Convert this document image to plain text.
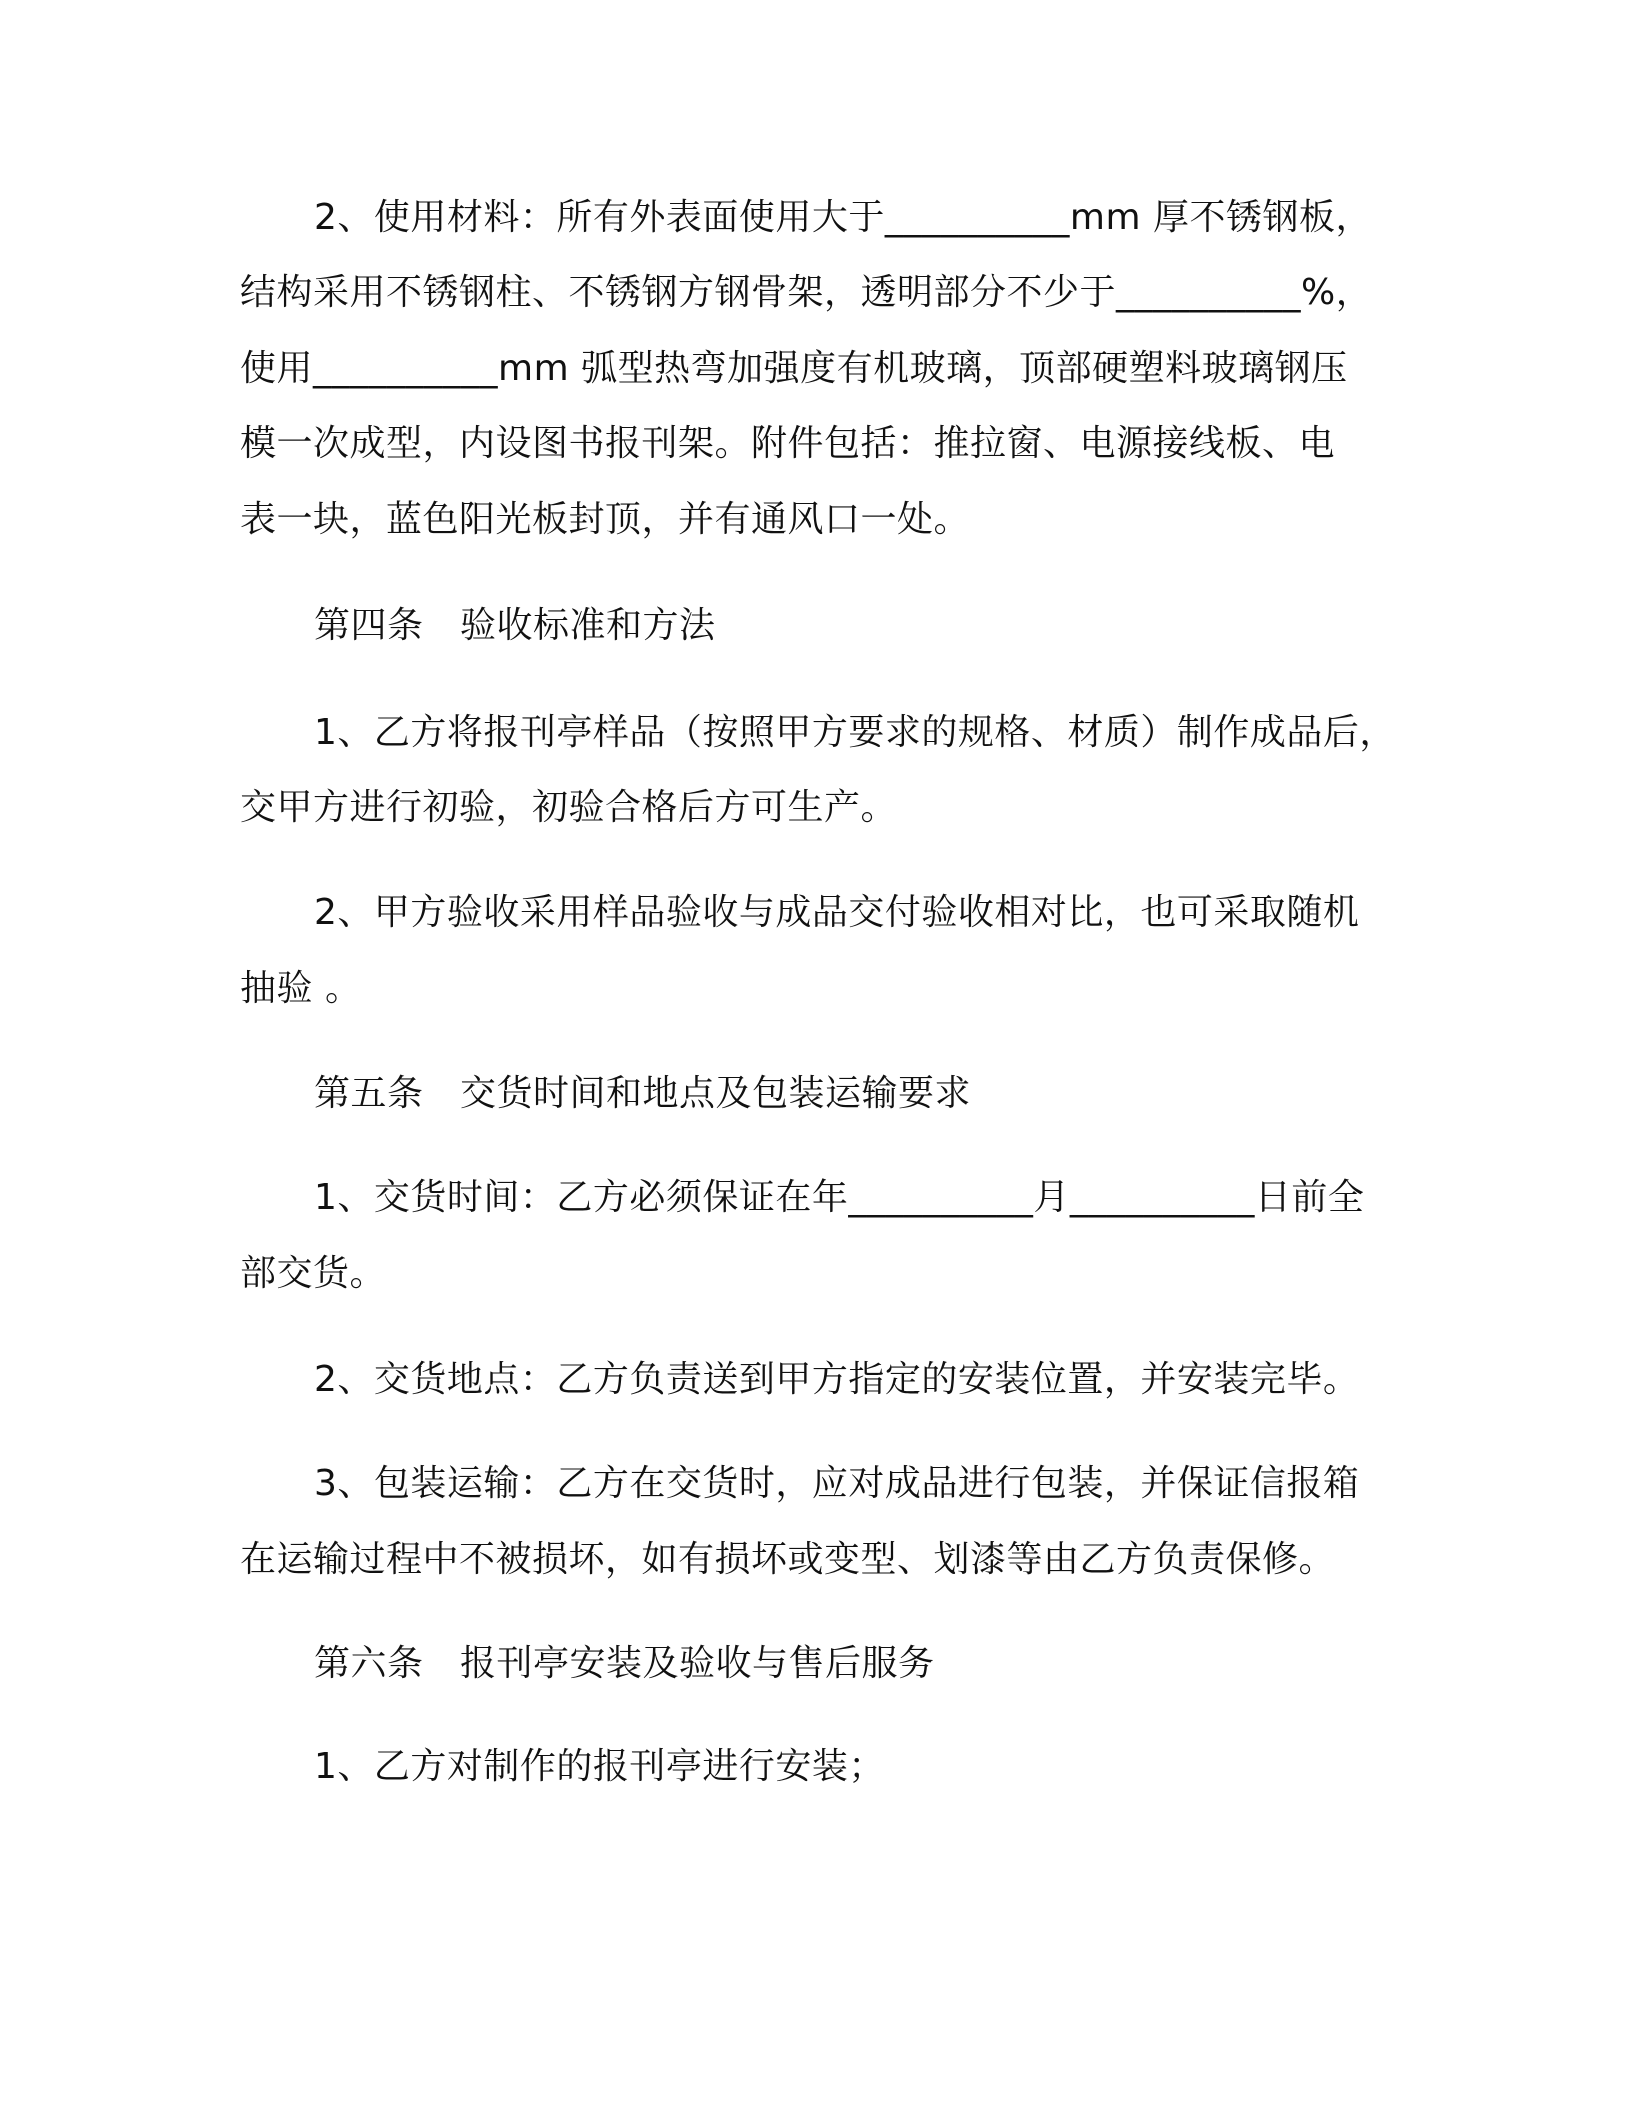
2、使用材料：所有外表面使用大于__________mm 厚不锈钢板，
结构采用不锈钢柱、不锈钢方钢骨架，透明部分不少于__________%，
使用__________mm 弧型热弯加强度有机玻璃，顶部硬塑料玻璃钢压
模一次成型，内设图书报刊架。附件包括：推拉窗、电源接线板、电
表一块，蓝色阳光板封顶，并有通风口一处。
第四条　验收标准和方法
1、乙方将报刊亭样品（按照甲方要求的规格、材质）制作成品后，
交甲方进行初验，初验合格后方可生产。
2、甲方验收采用样品验收与成品交付验收相对比，也可采取随机
抽验 。
第五条　交货时间和地点及包装运输要求
1、交货时间：乙方必须保证在年__________月__________日前全
部交货。
2、交货地点：乙方负责送到甲方指定的安装位置，并安装完毕。
3、包装运输：乙方在交货时，应对成品进行包装，并保证信报箱
在运输过程中不被损坏，如有损坏或变型、划漆等由乙方负责保修。
第六条　报刊亭安装及验收与售后服务
1、乙方对制作的报刊亭进行安装；
